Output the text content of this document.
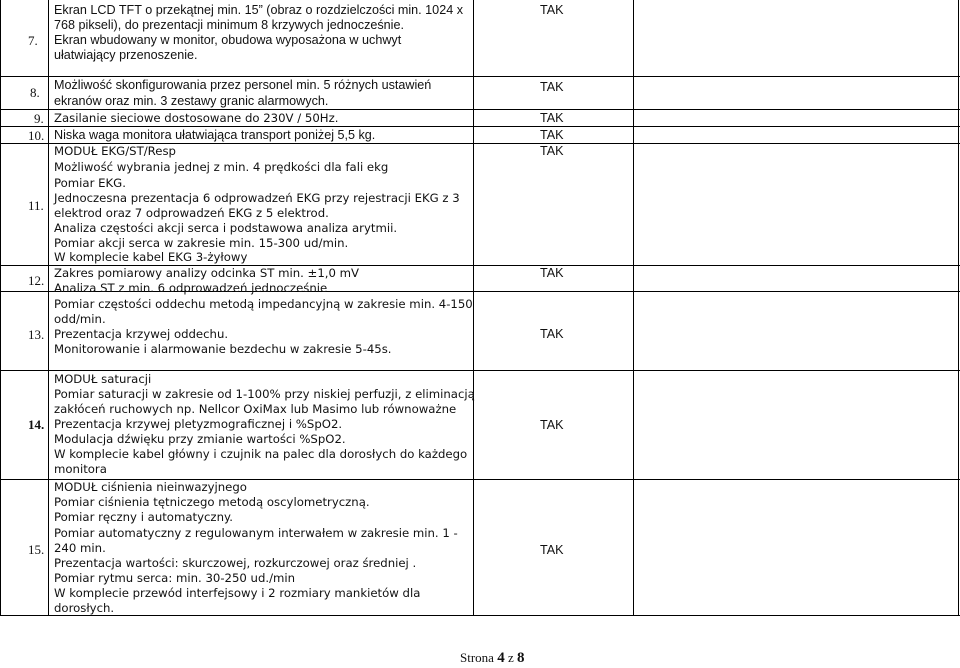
7.
Ekran LCD TFT o przekątnej min. 15” (obraz o rozdzielczości min. 1024 x
768 pikseli), do prezentacji minimum 8 krzywych jednocześnie.
Ekran wbudowany w monitor, obudowa wyposażona w uchwyt
ułatwiający przenoszenie.
TAK
8. Możliwość skonfigurowania przez personel min. 5 różnych ustawień
ekranów oraz min. 3 zestawy granic alarmowych.
TAK
9. Zasilanie sieciowe dostosowane do 230V / 50Hz.	TAK
10. Niska waga monitora ułatwiająca transport poniżej 5,5 kg.	TAK
11.
MODUŁ EKG/ST/Resp
Możliwość wybrania jednej z min. 4 prędkości dla fali ekg
Pomiar EKG.
Jednoczesna prezentacja 6 odprowadzeń EKG przy rejestracji EKG z 3
elektrod oraz 7 odprowadzeń EKG z 5 elektrod.
Analiza częstości akcji serca i podstawowa analiza arytmii.
Pomiar akcji serca w zakresie min. 15-300 ud/min.
W komplecie kabel EKG 3-żyłowy
TAK
12. Zakres pomiarowy analizy odcinka ST min. ±1,0 mV
Analiza ST z min. 6 odprowadzeń jednocześnie
TAK
13.
Pomiar częstości oddechu metodą impedancyjną w zakresie min. 4-150
odd/min.
Prezentacja krzywej oddechu.
Monitorowanie i alarmowanie bezdechu w zakresie 5-45s.
TAK
14.
MODUŁ saturacji
Pomiar saturacji w zakresie od 1-100% przy niskiej perfuzji, z eliminacją
zakłóceń ruchowych np. Nellcor OxiMax lub Masimo lub równoważne
Prezentacja krzywej pletyzmograficznej i %SpO2.
Modulacja dźwięku przy zmianie wartości %SpO2.
W komplecie kabel główny i czujnik na palec dla dorosłych do każdego
monitora
TAK
15.
MODUŁ ciśnienia nieinwazyjnego
Pomiar ciśnienia tętniczego metodą oscylometryczną.
Pomiar ręczny i automatyczny.
Pomiar automatyczny z regulowanym interwałem w zakresie min. 1 -
240 min.
Prezentacja wartości: skurczowej, rozkurczowej oraz średniej .
Pomiar rytmu serca: min. 30-250 ud./min
W komplecie przewód interfejsowy i 2 rozmiary mankietów dla
dorosłych.
TAK
Strona 4 z 8
